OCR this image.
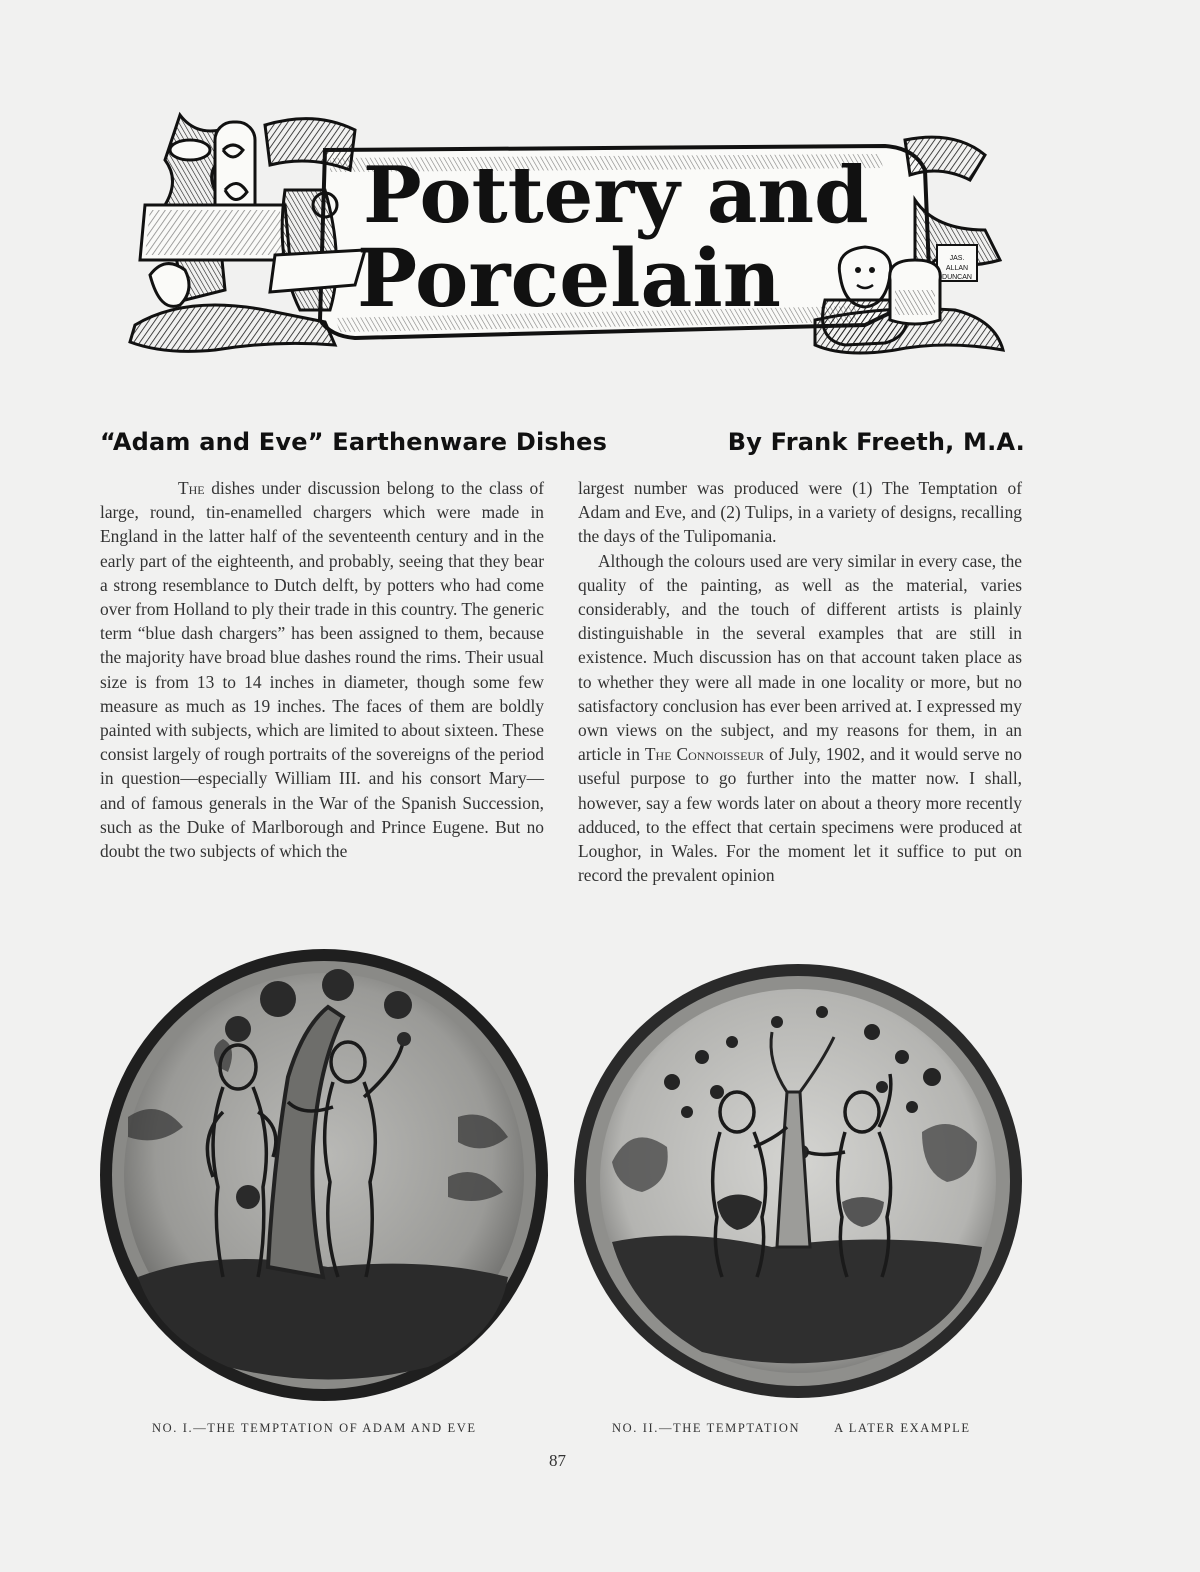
JAS.
ALLAN
DUNCAN
Pottery and
Porcelain
“Adam and Eve” Earthenware Dishes	By Frank Freeth, M.A.

The dishes under discussion belong to the class of large, round, tin-enamelled chargers which were made in England in the latter half of the seventeenth century and in the early part of the eighteenth, and probably, seeing that they bear a strong resemblance to Dutch delft, by potters who had come over from Holland to ply their trade in this country. The generic term “blue dash chargers” has been assigned to them, because the majority have broad blue dashes round the rims. Their usual size is from 13 to 14 inches in diameter, though some few measure as much as 19 inches. The faces of them are boldly painted with subjects, which are limited to about sixteen. These consist largely of rough portraits of the sovereigns of the period in question—especially William III. and his consort Mary—and of famous generals in the War of the Spanish Succession, such as the Duke of Marlborough and Prince Eugene. But no doubt the two subjects of which the

largest number was produced were (1) The Temptation of Adam and Eve, and (2) Tulips, in a variety of designs, recalling the days of the Tulipomania.

Although the colours used are very similar in every case, the quality of the painting, as well as the material, varies considerably, and the touch of different artists is plainly distinguishable in the several examples that are still in existence. Much discussion has on that account taken place as to whether they were all made in one locality or more, but no satisfactory conclusion has ever been arrived at. I expressed my own views on the subject, and my reasons for them, in an article in The Connoisseur of July, 1902, and it would serve no useful purpose to go further into the matter now. I shall, however, say a few words later on about a theory more recently adduced, to the effect that certain specimens were produced at Loughor, in Wales. For the moment let it suffice to put on record the prevalent opinion

NO. I.—THE TEMPTATION OF ADAM AND EVE	NO. II.—THE TEMPTATION	A LATER EXAMPLE
87
